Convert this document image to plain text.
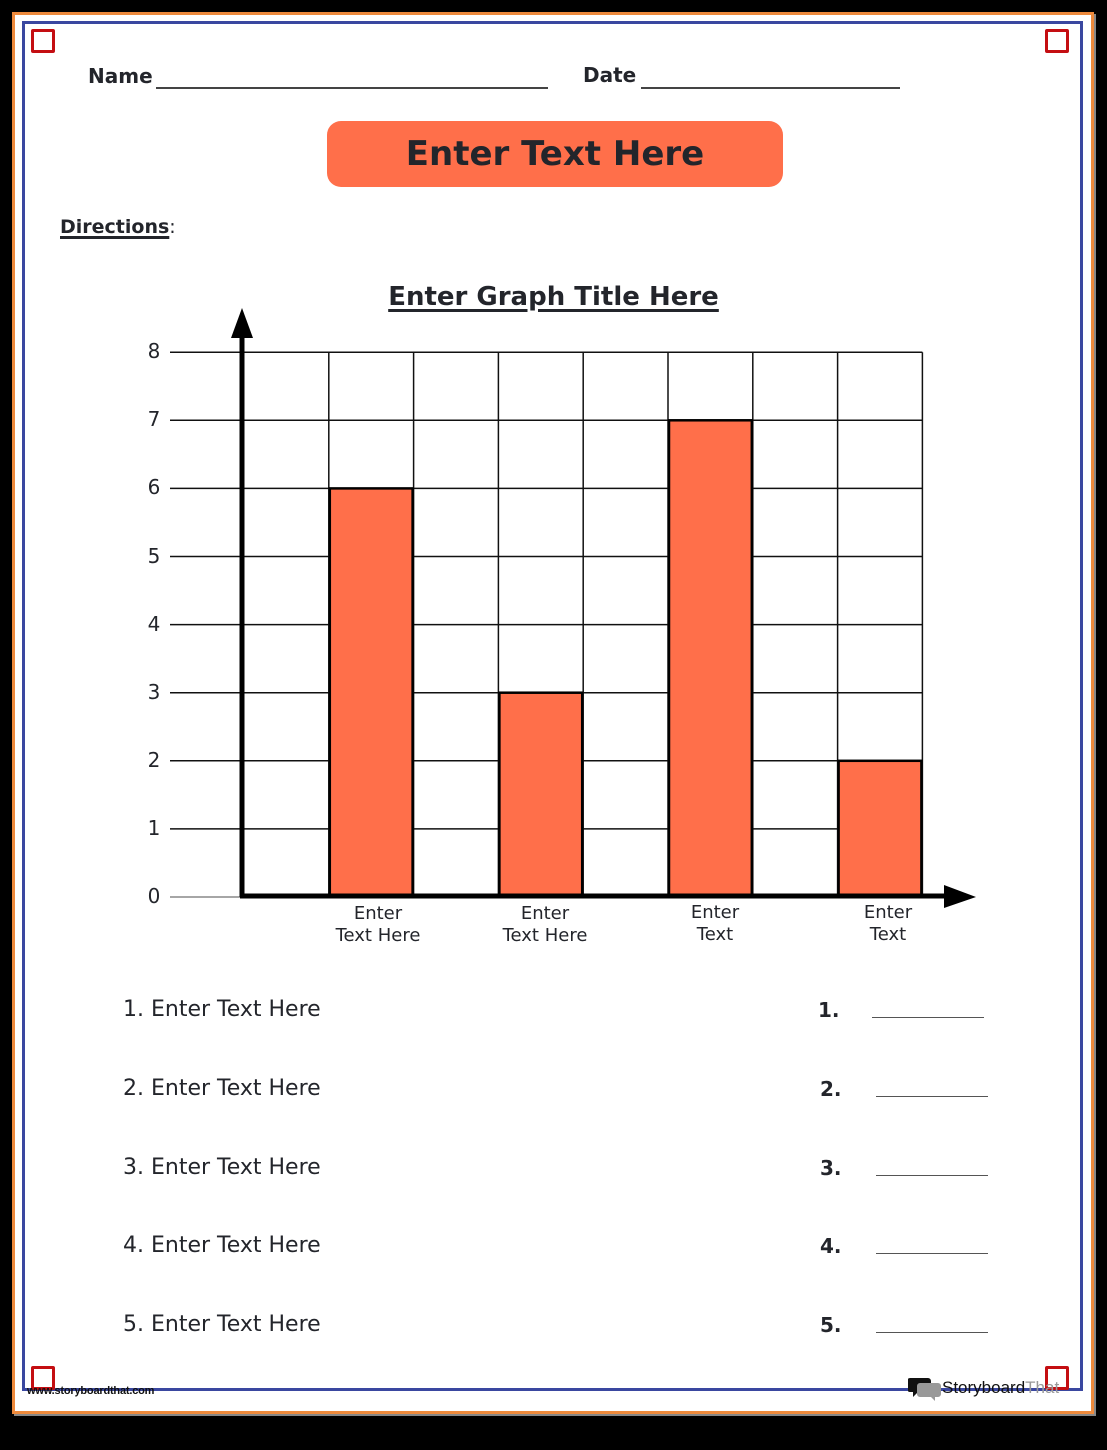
Name	Date
Enter Text Here
Directions:
Enter Graph Title Here
0
1
2
3
4
5
6
7
8
Enter
Text Here
Enter
Text Here
Enter
Text
Enter
Text
1. Enter Text Here	1.
2. Enter Text Here	2.
3. Enter Text Here	3.
4. Enter Text Here	4.
5. Enter Text Here	5.
www.storyboardthat.com	Storyboard That
